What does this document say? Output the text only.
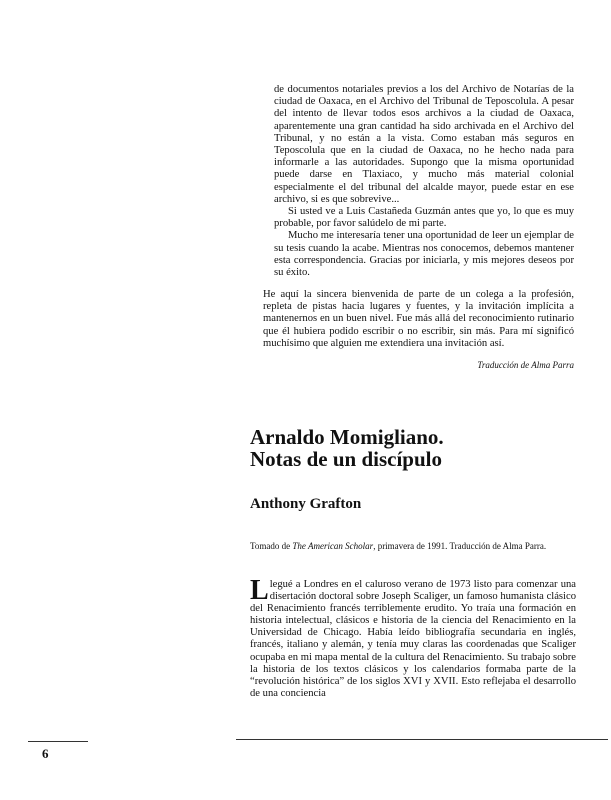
de documentos notariales previos a los del Archivo de Notarías de la ciudad de Oaxaca, en el Archivo del Tribunal de Teposcolula. A pesar del intento de llevar todos esos archivos a la ciudad de Oaxaca, aparentemente una gran cantidad ha sido archivada en el Archivo del Tribunal, y no están a la vista. Como estaban más seguros en Teposcolula que en la ciudad de Oaxaca, no he hecho nada para informarle a las autoridades. Supongo que la misma oportunidad puede darse en Tlaxiaco, y mucho más material colonial especialmente el del tribunal del alcalde mayor, puede estar en ese archivo, si es que sobrevive...

Si usted ve a Luis Castañeda Guzmán antes que yo, lo que es muy probable, por favor salúdelo de mi parte.

Mucho me interesaría tener una oportunidad de leer un ejemplar de su tesis cuando la acabe. Mientras nos conocemos, debemos mantener esta correspondencia. Gracias por iniciarla, y mis mejores deseos por su éxito.

He aquí la sincera bienvenida de parte de un colega a la profesión, repleta de pistas hacia lugares y fuentes, y la invitación implícita a mantenernos en un buen nivel. Fue más allá del reconocimiento rutinario que él hubiera podido escribir o no escribir, sin más. Para mí significó muchísimo que alguien me extendiera una invitación así.

Traducción de Alma Parra
Arnaldo Momigliano.
Notas de un discípulo
Anthony Grafton
Tomado de The American Scholar, primavera de 1991. Traducción de Alma Parra.

Llegué a Londres en el caluroso verano de 1973 listo para comenzar una disertación doctoral sobre Joseph Scaliger, un famoso humanista clásico del Renacimiento francés terriblemente erudito. Yo traía una formación en historia intelectual, clásicos e historia de la ciencia del Renacimiento en la Universidad de Chicago. Había leído bibliografía secundaria en inglés, francés, italiano y alemán, y tenía muy claras las coordenadas que Scaliger ocupaba en mi mapa mental de la cultura del Renacimiento. Su trabajo sobre la historia de los textos clásicos y los calendarios formaba parte de la “revolución histórica” de los siglos XVI y XVII. Esto reflejaba el desarrollo de una conciencia

6
